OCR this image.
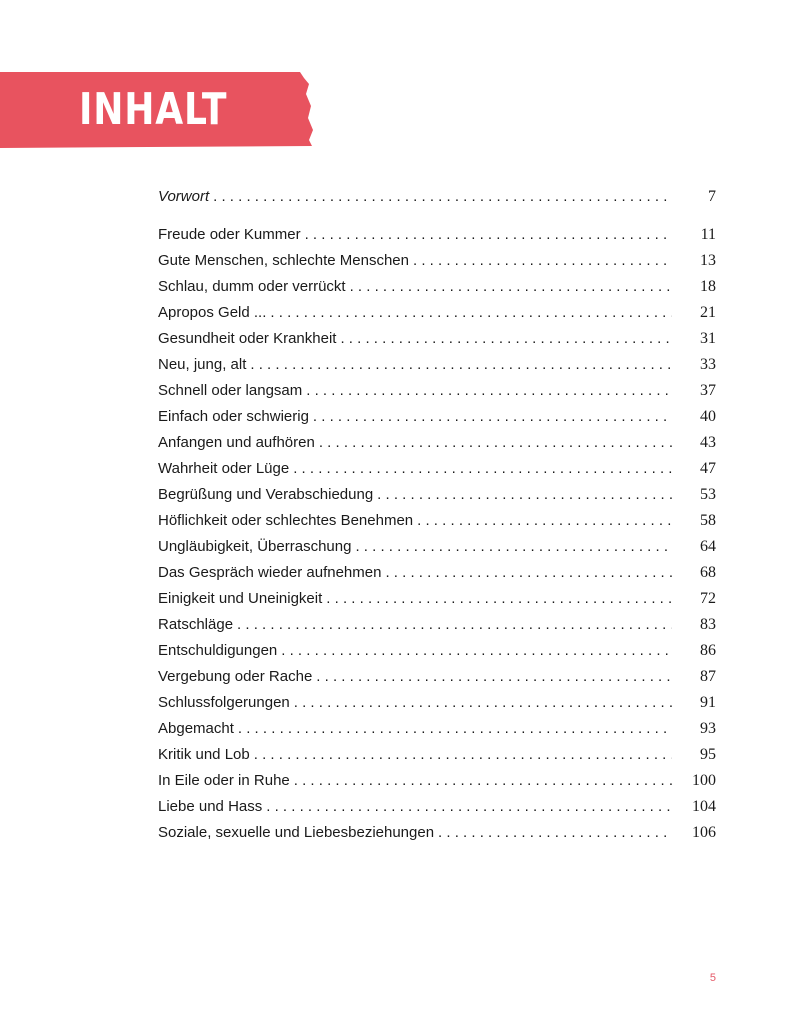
INHALT
Vorwort . . .	7
Freude oder Kummer . . .	11
Gute Menschen, schlechte Menschen . . .	13
Schlau, dumm oder verrückt . . .	18
Apropos Geld ... . . .	21
Gesundheit oder Krankheit . . .	31
Neu, jung, alt . . .	33
Schnell oder langsam . . .	37
Einfach oder schwierig . . .	40
Anfangen und aufhören . . .	43
Wahrheit oder Lüge . . .	47
Begrüßung und Verabschiedung . . .	53
Höflichkeit oder schlechtes Benehmen . . .	58
Ungläubigkeit, Überraschung . . .	64
Das Gespräch wieder aufnehmen . . .	68
Einigkeit und Uneinigkeit . . .	72
Ratschläge . . .	83
Entschuldigungen . . .	86
Vergebung oder Rache . . .	87
Schlussfolgerungen . . .	91
Abgemacht . . .	93
Kritik und Lob . . .	95
In Eile oder in Ruhe . . .	100
Liebe und Hass . . .	104
Soziale, sexuelle und Liebesbeziehungen . . .	106
5
